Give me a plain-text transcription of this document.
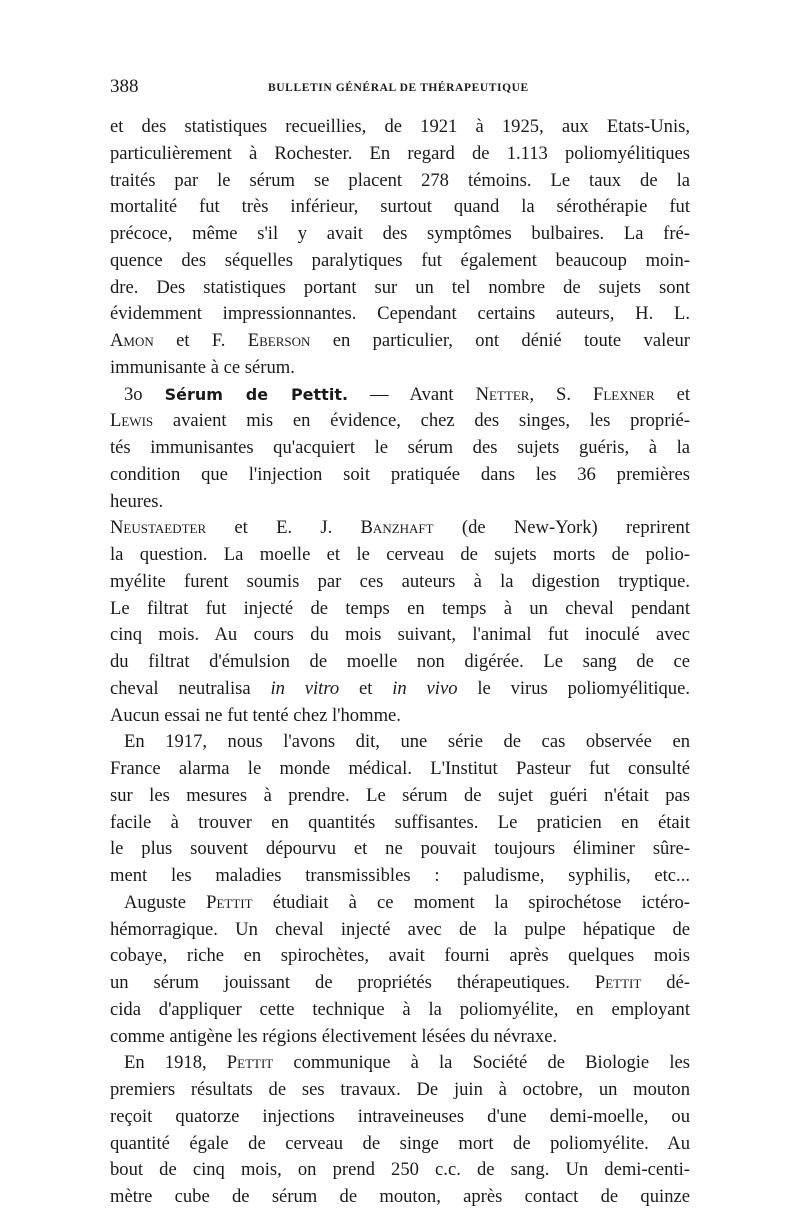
388	BULLETIN GÉNÉRAL DE THÉRAPEUTIQUE
et des statistiques recueillies, de 1921 à 1925, aux Etats-Unis,
particulièrement à Rochester. En regard de 1.113 poliomyélitiques
traités par le sérum se placent 278 témoins. Le taux de la
mortalité fut très inférieur, surtout quand la sérothérapie fut
précoce, même s'il y avait des symptômes bulbaires. La fré-
quence des séquelles paralytiques fut également beaucoup moin-
dre. Des statistiques portant sur un tel nombre de sujets sont
évidemment impressionnantes. Cependant certains auteurs, H. L.
Amon et F. Eberson en particulier, ont dénié toute valeur
immunisante à ce sérum.
3o Sérum de Pettit. — Avant Netter, S. Flexner et
Lewis avaient mis en évidence, chez des singes, les proprié-
tés immunisantes qu'acquiert le sérum des sujets guéris, à la
condition que l'injection soit pratiquée dans les 36 premières
heures.
Neustaedter et E. J. Banzhaft (de New-York) reprirent
la question. La moelle et le cerveau de sujets morts de polio-
myélite furent soumis par ces auteurs à la digestion tryptique.
Le filtrat fut injecté de temps en temps à un cheval pendant
cinq mois. Au cours du mois suivant, l'animal fut inoculé avec
du filtrat d'émulsion de moelle non digérée. Le sang de ce
cheval neutralisa in vitro et in vivo le virus poliomyélitique.
Aucun essai ne fut tenté chez l'homme.
En 1917, nous l'avons dit, une série de cas observée en
France alarma le monde médical. L'Institut Pasteur fut consulté
sur les mesures à prendre. Le sérum de sujet guéri n'était pas
facile à trouver en quantités suffisantes. Le praticien en était
le plus souvent dépourvu et ne pouvait toujours éliminer sûre-
ment les maladies transmissibles : paludisme, syphilis, etc...
Auguste Pettit étudiait à ce moment la spirochétose ictéro-
hémorragique. Un cheval injecté avec de la pulpe hépatique de
cobaye, riche en spirochètes, avait fourni après quelques mois
un sérum jouissant de propriétés thérapeutiques. Pettit dé-
cida d'appliquer cette technique à la poliomyélite, en employant
comme antigène les régions électivement lésées du névraxe.
En 1918, Pettit communique à la Société de Biologie les
premiers résultats de ses travaux. De juin à octobre, un mouton
reçoit quatorze injections intraveineuses d'une demi-moelle, ou
quantité égale de cerveau de singe mort de poliomyélite. Au
bout de cinq mois, on prend 250 c.c. de sang. Un demi-centi-
mètre cube de sérum de mouton, après contact de quinze
